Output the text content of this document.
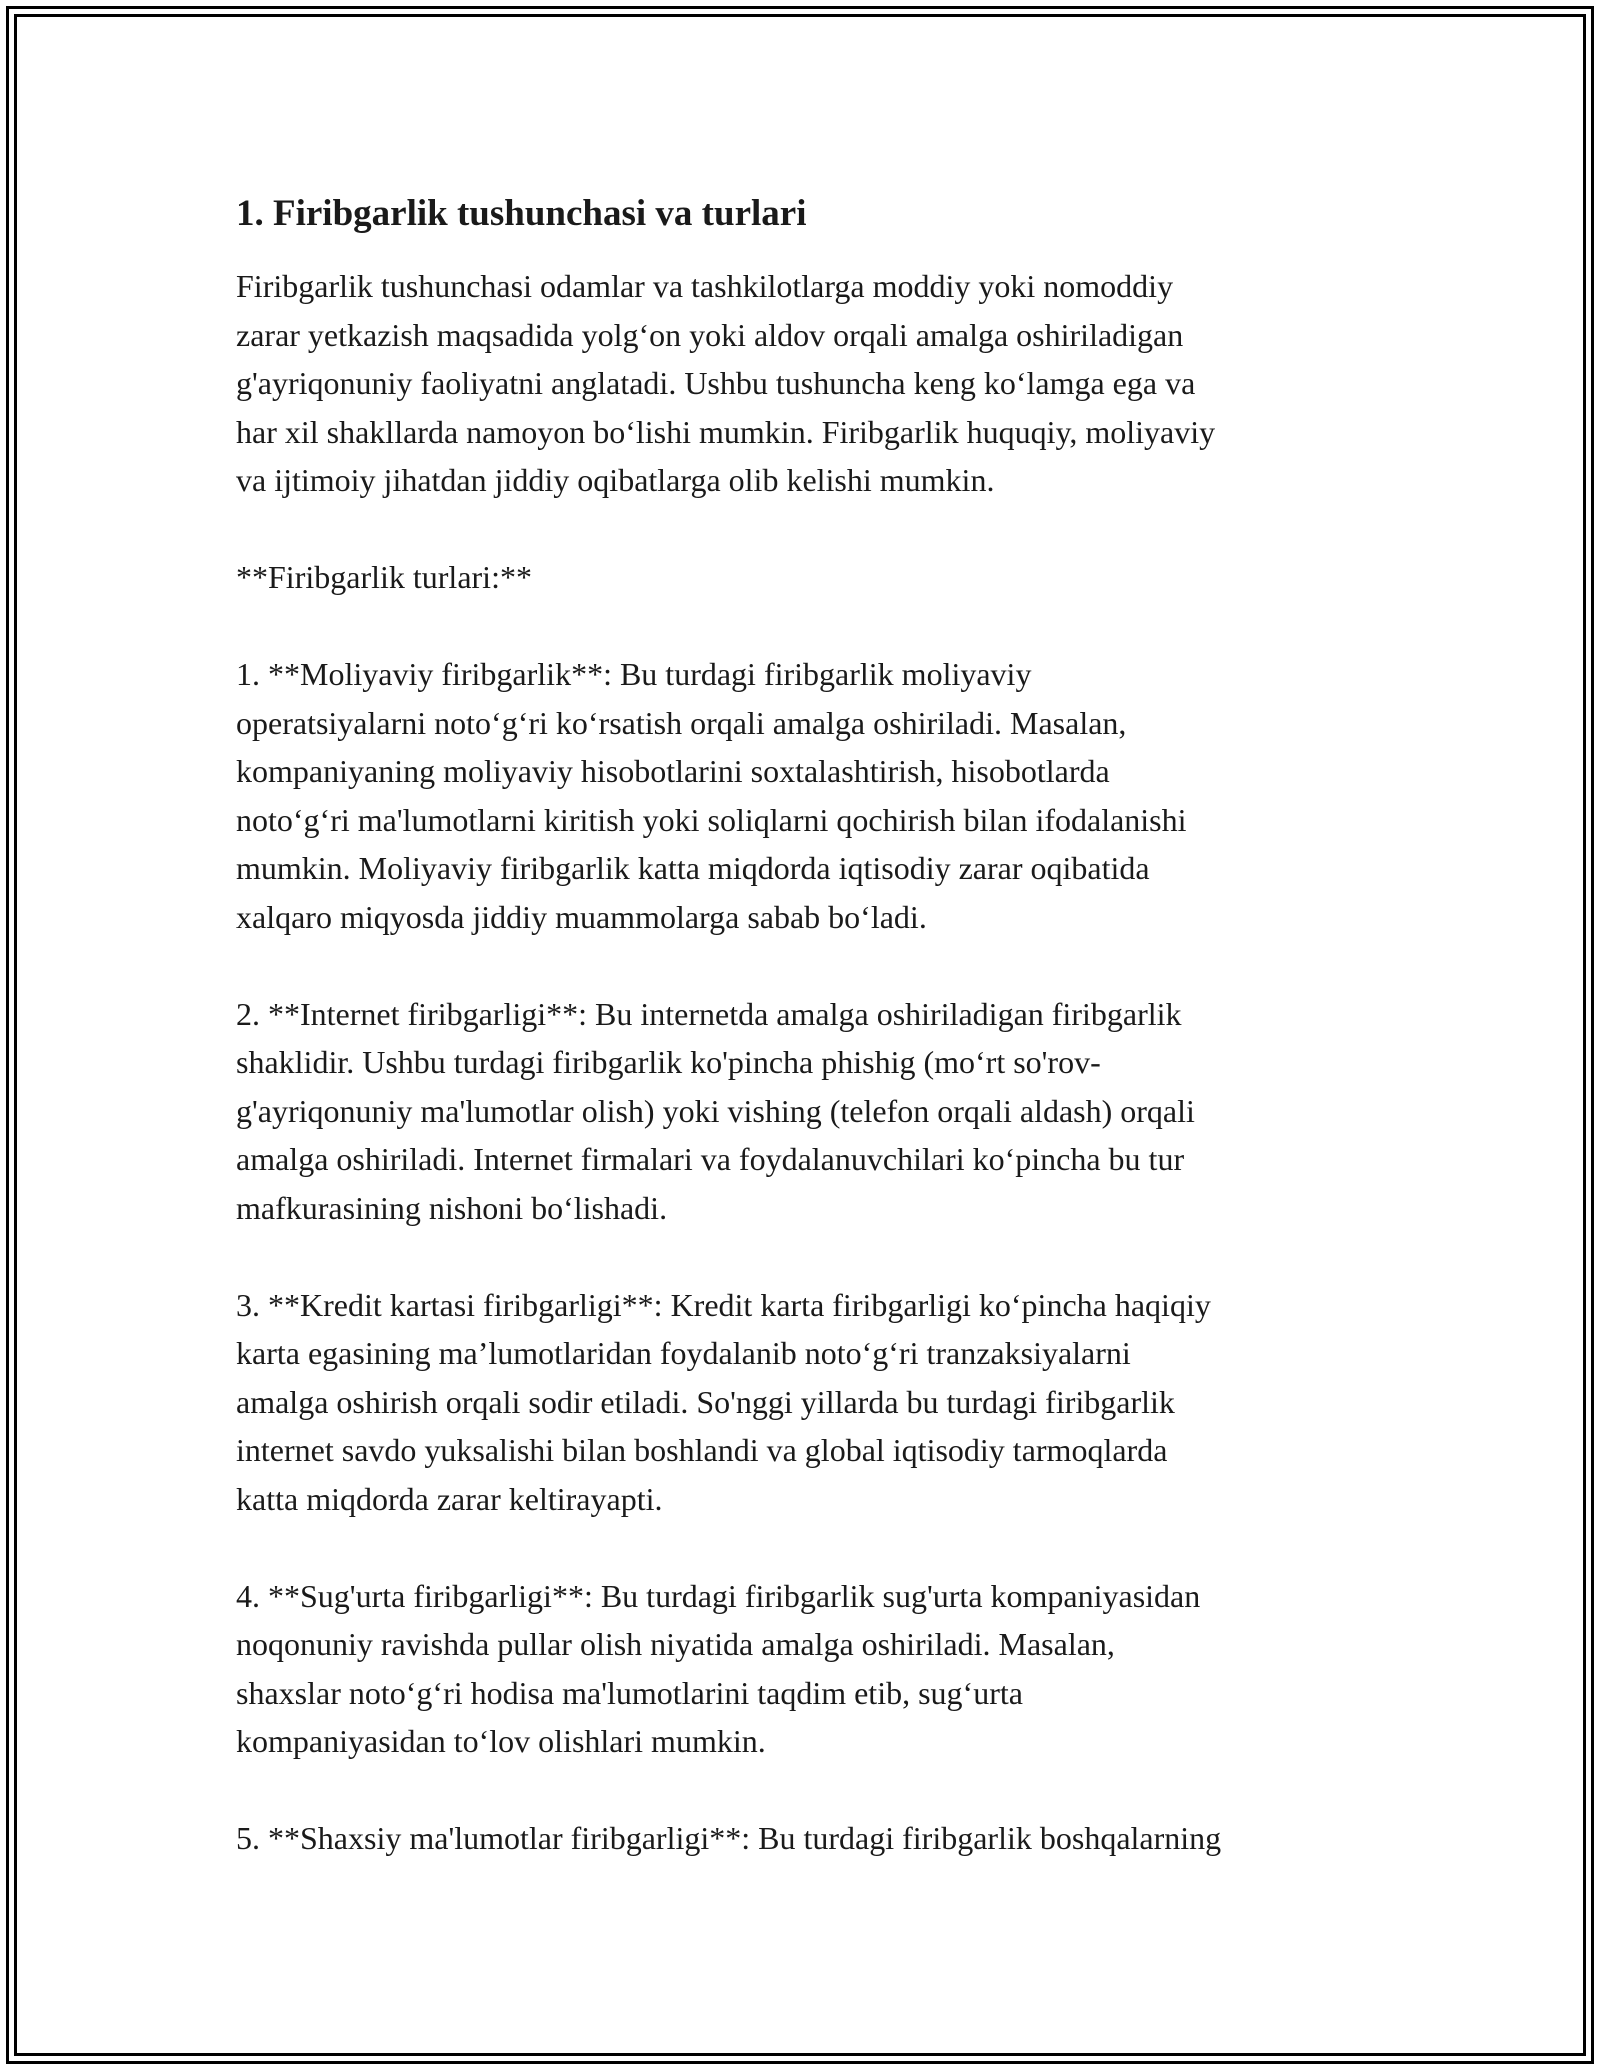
1. Firibgarlik tushunchasi va turlari

Firibgarlik tushunchasi odamlar va tashkilotlarga moddiy yoki nomoddiy
zarar yetkazish maqsadida yolg‘on yoki aldov orqali amalga oshiriladigan
g'ayriqonuniy faoliyatni anglatadi. Ushbu tushuncha keng ko‘lamga ega va
har xil shakllarda namoyon bo‘lishi mumkin. Firibgarlik huquqiy, moliyaviy
va ijtimoiy jihatdan jiddiy oqibatlarga olib kelishi mumkin.

**Firibgarlik turlari:**

1. **Moliyaviy firibgarlik**: Bu turdagi firibgarlik moliyaviy
operatsiyalarni noto‘g‘ri ko‘rsatish orqali amalga oshiriladi. Masalan,
kompaniyaning moliyaviy hisobotlarini soxtalashtirish, hisobotlarda
noto‘g‘ri ma'lumotlarni kiritish yoki soliqlarni qochirish bilan ifodalanishi
mumkin. Moliyaviy firibgarlik katta miqdorda iqtisodiy zarar oqibatida
xalqaro miqyosda jiddiy muammolarga sabab bo‘ladi.

2. **Internet firibgarligi**: Bu internetda amalga oshiriladigan firibgarlik
shaklidir. Ushbu turdagi firibgarlik ko'pincha phishig (mo‘rt so'rov-
g'ayriqonuniy ma'lumotlar olish) yoki vishing (telefon orqali aldash) orqali
amalga oshiriladi. Internet firmalari va foydalanuvchilari ko‘pincha bu tur
mafkurasining nishoni bo‘lishadi.

3. **Kredit kartasi firibgarligi**: Kredit karta firibgarligi ko‘pincha haqiqiy
karta egasining ma’lumotlaridan foydalanib noto‘g‘ri tranzaksiyalarni
amalga oshirish orqali sodir etiladi. So'nggi yillarda bu turdagi firibgarlik
internet savdo yuksalishi bilan boshlandi va global iqtisodiy tarmoqlarda
katta miqdorda zarar keltirayapti.

4. **Sug'urta firibgarligi**: Bu turdagi firibgarlik sug'urta kompaniyasidan
noqonuniy ravishda pullar olish niyatida amalga oshiriladi. Masalan,
shaxslar noto‘g‘ri hodisa ma'lumotlarini taqdim etib, sug‘urta
kompaniyasidan to‘lov olishlari mumkin.

5. **Shaxsiy ma'lumotlar firibgarligi**: Bu turdagi firibgarlik boshqalarning
